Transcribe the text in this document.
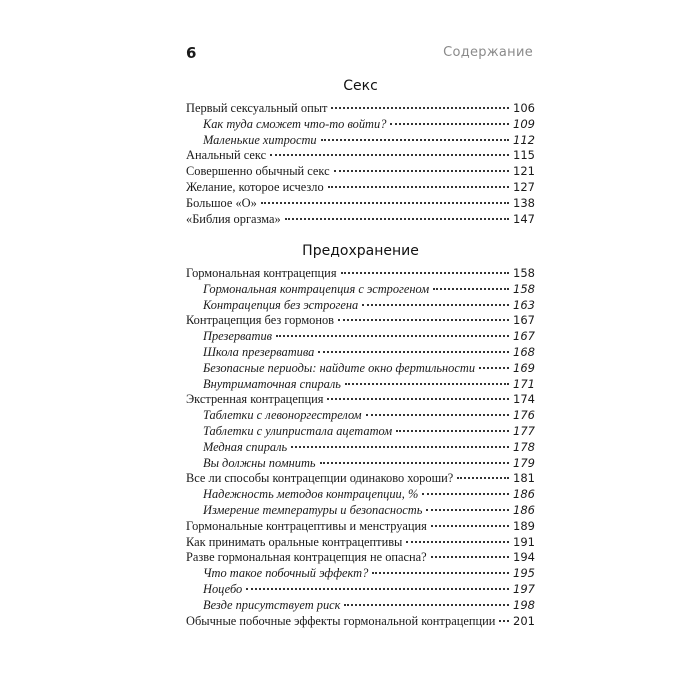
6	Содержание
Секс
Первый сексуальный опыт	106
Как туда сможет что-то войти?	109
Маленькие хитрости	112
Анальный секс	115
Совершенно обычный секс	121
Желание, которое исчезло	127
Большое «О»	138
«Библия оргазма»	147
Предохранение
Гормональная контрацепция	158
Гормональная контрацепция с эстрогеном	158
Контрацепция без эстрогена	163
Контрацепция без гормонов	167
Презерватив	167
Школа презерватива	168
Безопасные периоды: найдите окно фертильности	169
Внутриматочная спираль	171
Экстренная контрацепция	174
Таблетки с левоноргестрелом	176
Таблетки с улипристала ацетатом	177
Медная спираль	178
Вы должны помнить	179
Все ли способы контрацепции одинаково хороши?	181
Надежность методов контрацепции, %	186
Измерение температуры и безопасность	186
Гормональные контрацептивы и менструация	189
Как принимать оральные контрацептивы	191
Разве гормональная контрацепция не опасна?	194
Что такое побочный эффект?	195
Ноцебо	197
Везде присутствует риск	198
Обычные побочные эффекты гормональной контрацепции 201
